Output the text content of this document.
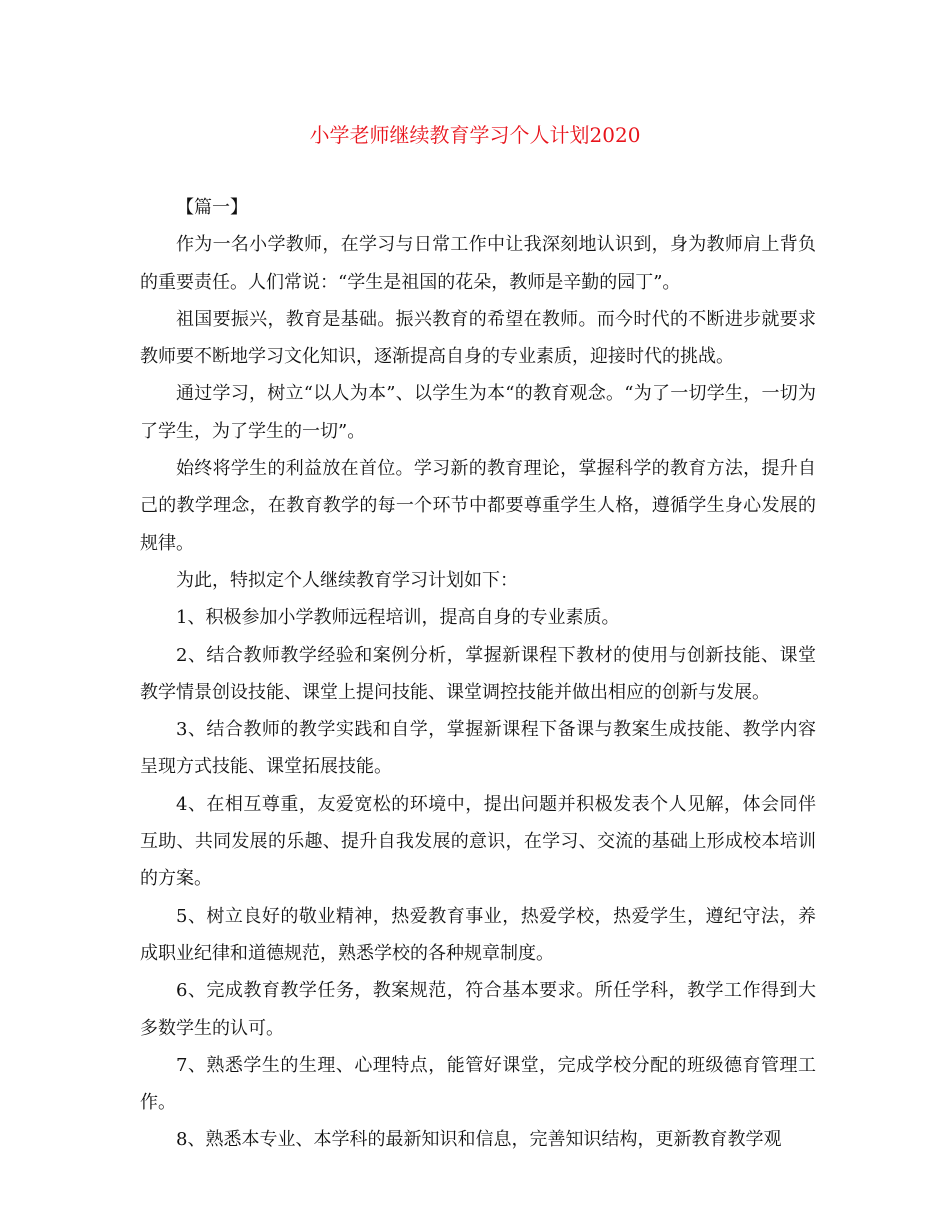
小学老师继续教育学习个人计划2020

【篇一】

作为一名小学教师，在学习与日常工作中让我深刻地认识到，身为教师肩上背负的重要责任。人们常说：“学生是祖国的花朵，教师是辛勤的园丁”。

祖国要振兴，教育是基础。振兴教育的希望在教师。而今时代的不断进步就要求教师要不断地学习文化知识，逐渐提高自身的专业素质，迎接时代的挑战。

通过学习，树立“以人为本”、以学生为本“的教育观念。“为了一切学生，一切为了学生，为了学生的一切”。

始终将学生的利益放在首位。学习新的教育理论，掌握科学的教育方法，提升自己的教学理念，在教育教学的每一个环节中都要尊重学生人格，遵循学生身心发展的规律。

为此，特拟定个人继续教育学习计划如下：

1、积极参加小学教师远程培训，提高自身的专业素质。

2、结合教师教学经验和案例分析，掌握新课程下教材的使用与创新技能、课堂教学情景创设技能、课堂上提问技能、课堂调控技能并做出相应的创新与发展。

3、结合教师的教学实践和自学，掌握新课程下备课与教案生成技能、教学内容呈现方式技能、课堂拓展技能。

4、在相互尊重，友爱宽松的环境中，提出问题并积极发表个人见解，体会同伴互助、共同发展的乐趣、提升自我发展的意识，在学习、交流的基础上形成校本培训的方案。

5、树立良好的敬业精神，热爱教育事业，热爱学校，热爱学生，遵纪守法，养成职业纪律和道德规范，熟悉学校的各种规章制度。

6、完成教育教学任务，教案规范，符合基本要求。所任学科，教学工作得到大多数学生的认可。

7、熟悉学生的生理、心理特点，能管好课堂，完成学校分配的班级德育管理工作。

8、熟悉本专业、本学科的最新知识和信息，完善知识结构，更新教育教学观
